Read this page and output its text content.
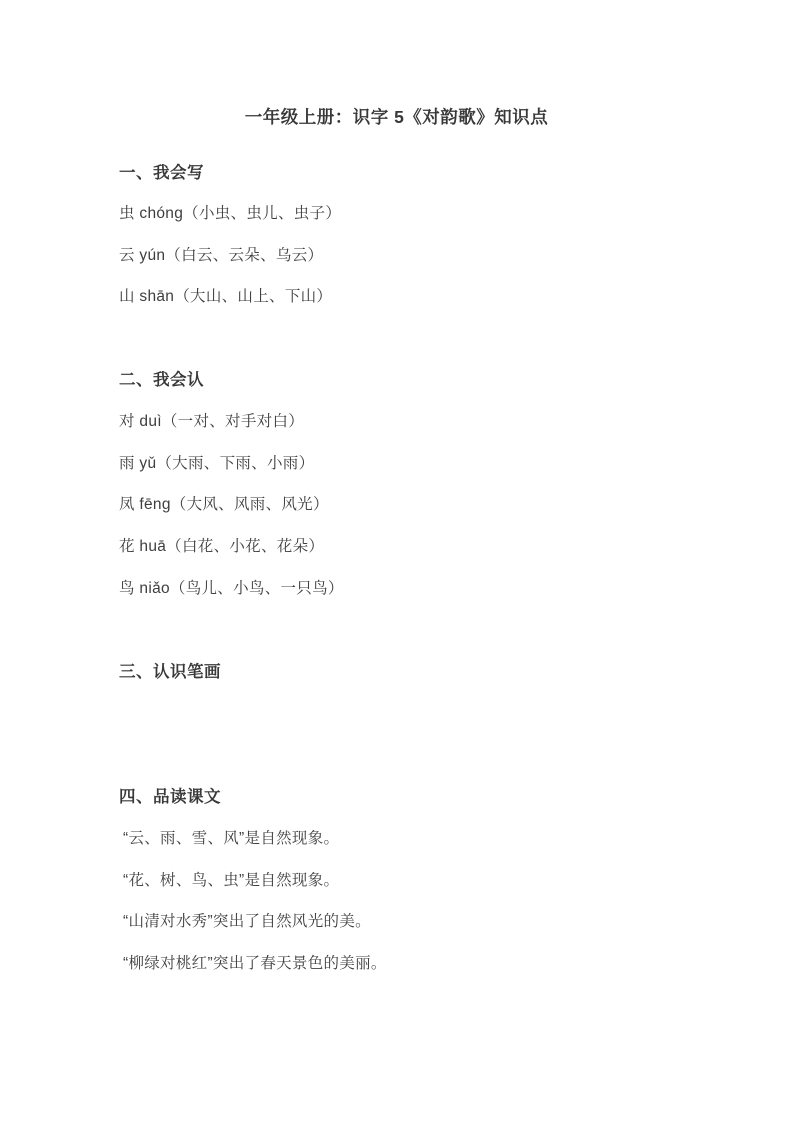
一年级上册：识字 5《对韵歌》知识点
一、我会写
虫 chóng（小虫、虫儿、虫子）
云 yún（白云、云朵、乌云）
山 shān（大山、山上、下山）
二、我会认
对 duì（一对、对手对白）
雨 yǔ（大雨、下雨、小雨）
凤 fēng（大风、风雨、风光）
花 huā（白花、小花、花朵）
鸟 niǎo（鸟儿、小鸟、一只鸟）
三、认识笔画
四、品读课文
“云、雨、雪、风”是自然现象。
“花、树、鸟、虫”是自然现象。
“山清对水秀”突出了自然风光的美。
“柳绿对桃红”突出了春天景色的美丽。
